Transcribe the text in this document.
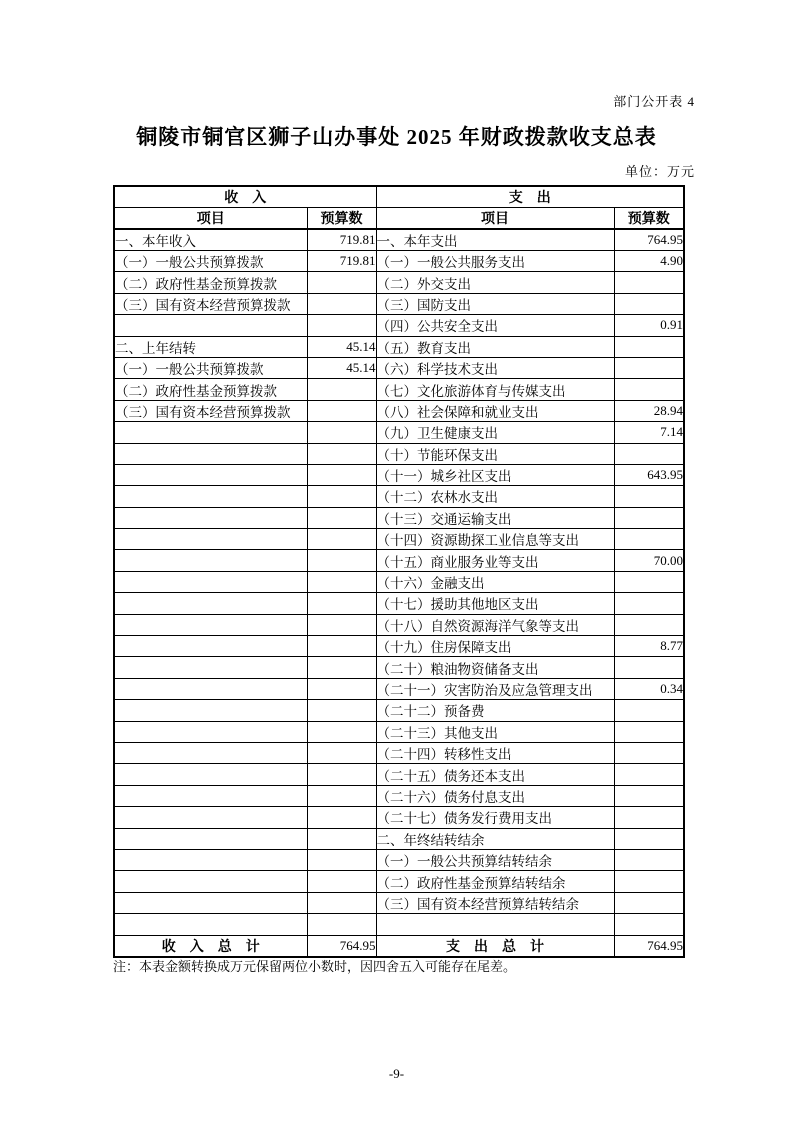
部门公开表 4
铜陵市铜官区狮子山办事处 2025 年财政拨款收支总表
单位：万元
收　入		支　出	
项目	预算数	项目	预算数
一、本年收入	719.81	一、本年支出	764.95
（一）一般公共预算拨款	719.81	（一）一般公共服务支出	4.90
（二）政府性基金预算拨款		（二）外交支出	
（三）国有资本经营预算拨款		（三）国防支出	
		（四）公共安全支出	0.91
二、上年结转	45.14	（五）教育支出	
（一）一般公共预算拨款	45.14	（六）科学技术支出	
（二）政府性基金预算拨款		（七）文化旅游体育与传媒支出	
（三）国有资本经营预算拨款		（八）社会保障和就业支出	28.94
		（九）卫生健康支出	7.14
		（十）节能环保支出	
		（十一）城乡社区支出	643.95
		（十二）农林水支出	
		（十三）交通运输支出	
		（十四）资源勘探工业信息等支出	
		（十五）商业服务业等支出	70.00
		（十六）金融支出	
		（十七）援助其他地区支出	
		（十八）自然资源海洋气象等支出	
		（十九）住房保障支出	8.77
		（二十）粮油物资储备支出	
		（二十一）灾害防治及应急管理支出	0.34
		（二十二）预备费	
		（二十三）其他支出	
		（二十四）转移性支出	
		（二十五）债务还本支出	
		（二十六）债务付息支出	
		（二十七）债务发行费用支出	
		二、年终结转结余	
		（一）一般公共预算结转结余	
		（二）政府性基金预算结转结余	
		（三）国有资本经营预算结转结余	

收　入　总　计	764.95	支　出　总　计	764.95
注：本表金额转换成万元保留两位小数时，因四舍五入可能存在尾差。
-9-
